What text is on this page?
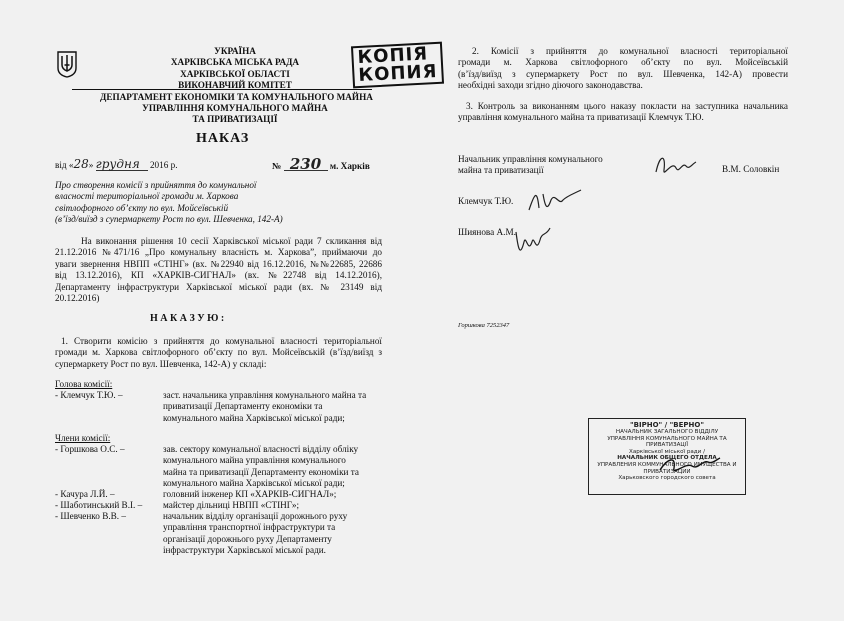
УКРАЇНА
ХАРКІВСЬКА МІСЬКА РАДА
ХАРКІВСЬКОЇ ОБЛАСТІ
ВИКОНАВЧИЙ КОМІТЕТ
ДЕПАРТАМЕНТ ЕКОНОМІКИ ТА КОМУНАЛЬНОГО МАЙНА
УПРАВЛІННЯ КОМУНАЛЬНОГО МАЙНА
ТА ПРИВАТИЗАЦІЇ
КОПІЯ
КОПИЯ
НАКАЗ
від «28» грудня 2016 р.	№ 230 м. Харків
Про створення комісії з прийняття до комунальної
власності територіальної громади м. Харкова
світлофорного об’єкту по вул. Мойсеївській
(в’їзд/виїзд з супермаркету Рост по вул. Шевченка, 142-А)
На виконання рішення 10 сесії Харківської міської ради 7 скликання від
21.12.2016 №471/16 „Про комунальну власність м. Харкова”, приймаючи до
уваги звернення НВПП «СТІНГ» (вх. №22940 від 16.12.2016, №№22685, 22686
від 13.12.2016), КП «ХАРКІВ-СИГНАЛ» (вх. №22748 від 14.12.2016),
Департаменту інфраструктури Харківської міської ради (вх. № 23149 від
20.12.2016)
Н А К А З У Ю :
1. Створити комісію з прийняття до комунальної власності територіальної
громади м. Харкова світлофорного об’єкту по вул. Мойсеївській (в’їзд/виїзд з
супермаркету Рост по вул. Шевченка, 142-А) у складі:
Голова комісії:
- Клемчук Т.Ю. –	заст. начальника управління комунального майна та
приватизації Департаменту економіки та
комунального майна Харківської міської ради;
Члени комісії:
- Горшкова О.С. –	зав. сектору комунальної власності відділу обліку
комунального майна управління комунального
майна та приватизації Департаменту економіки та
комунального майна Харківської міської ради;
- Качура Л.Й. –	головний інженер КП «ХАРКІВ-СИГНАЛ»;
- Шаботинський В.І. – майстер дільниці НВПП «СТІНГ»;
- Шевченко В.В. –	начальник відділу організації дорожнього руху
управління транспортної інфраструктури та
організації дорожнього руху Департаменту
інфраструктури Харківської міської ради.
2. Комісії з прийняття до комунальної власності територіальної
громади м. Харкова світлофорного об’єкту по вул. Мойсеївській
(в’їзд/виїзд з супермаркету Рост по вул. Шевченка, 142-А) провести
необхідні заходи згідно діючого законодавства.
3. Контроль за виконанням цього наказу покласти на заступника начальника
управління комунального майна та приватизації Клемчук Т.Ю.
Начальник управління комунального
майна та приватизації	В.М. Соловкін
Клемчук Т.Ю.
Шиянова А.М.
Горшкова 7252347
"ВІРНО" / "ВЕРНО"
НАЧАЛЬНИК ЗАГАЛЬНОГО ВІДДІЛУ
УПРАВЛІННЯ КОМУНАЛЬНОГО МАЙНА ТА ПРИВАТИЗАЦІЇ
Харківської міської ради /
НАЧАЛЬНИК ОБЩЕГО ОТДЕЛА
УПРАВЛЕНИЯ КОММУНАЛЬНОГО ИМУЩЕСТВА И ПРИВАТИЗАЦИИ
Харьковского городского совета
